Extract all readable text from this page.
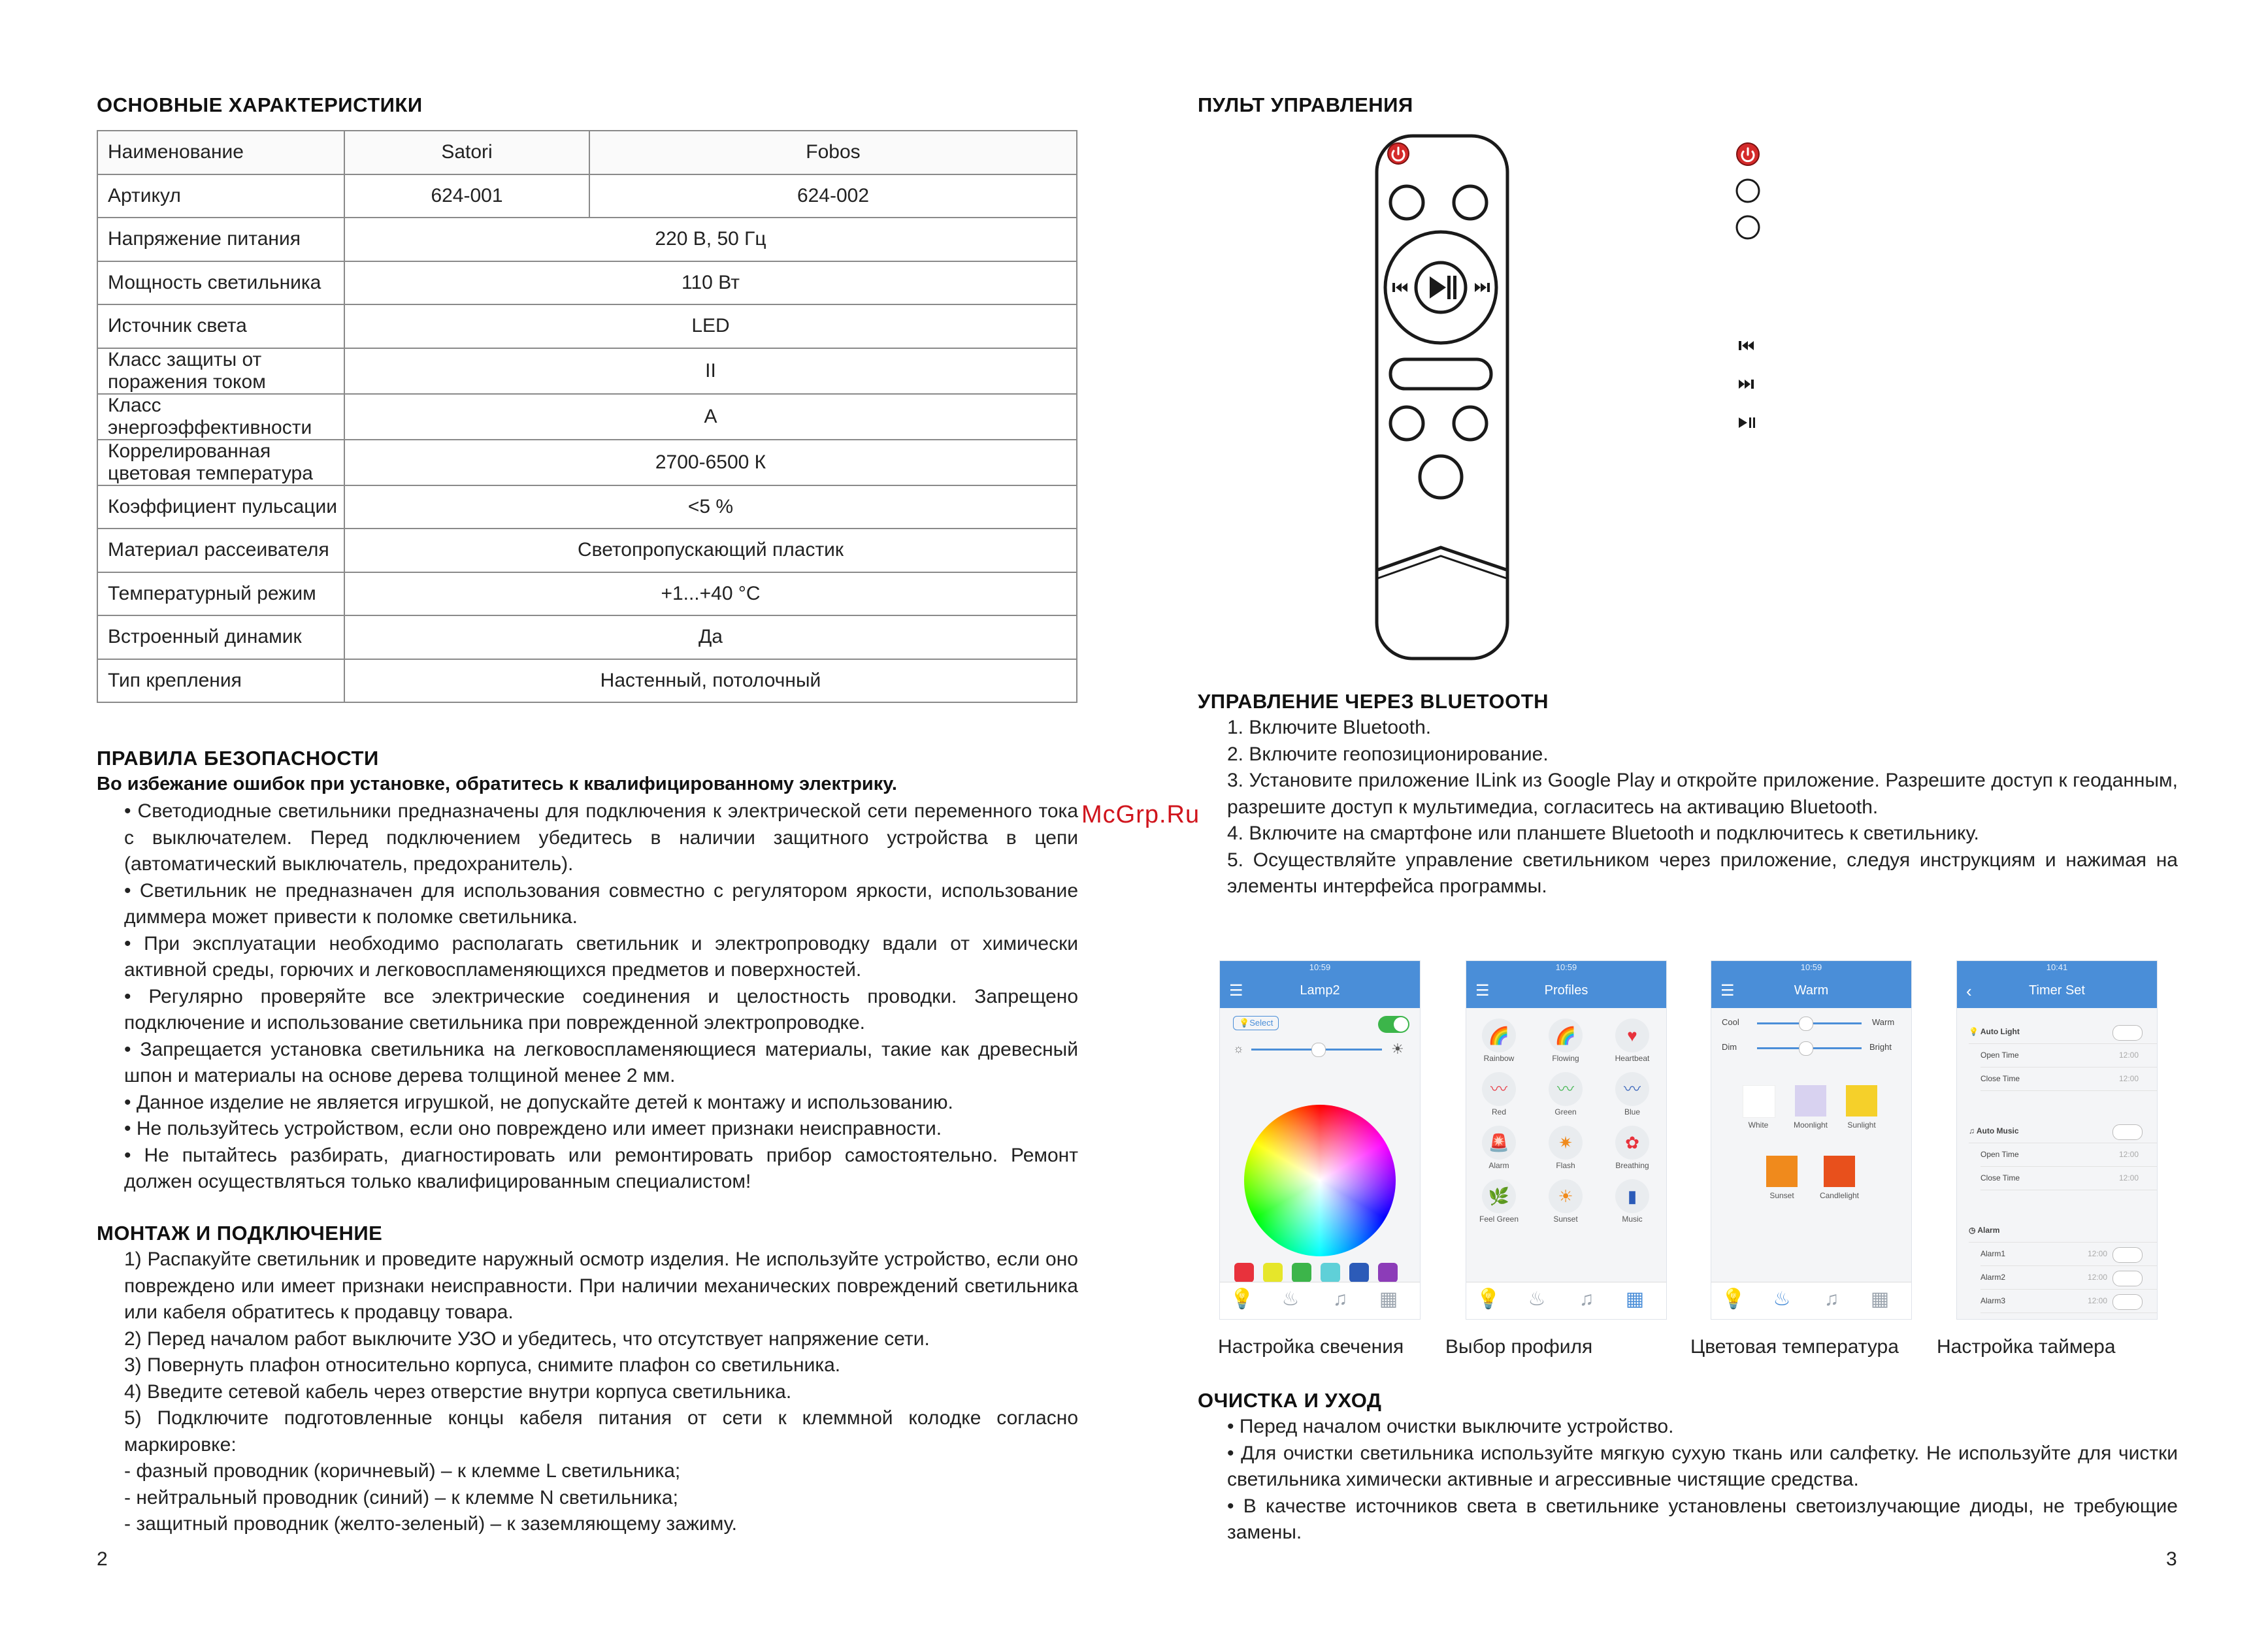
ОСНОВНЫЕ ХАРАКТЕРИСТИКИ
Наименование	Satori	Fobos
Артикул	624-001	624-002
Напряжение питания	220 В, 50 Гц	
Мощность светильника	110 Вт	
Источник света	LED	
Класс защиты от поражения током	II	
Класс энергоэффективности	A	
Коррелированная цветовая температура	2700-6500 К	
Коэффициент пульсации	<5 %	
Материал рассеивателя	Светопропускающий пластик	
Температурный режим	+1...+40 °C	
Встроенный динамик	Да	
Тип крепления	Настенный, потолочный	
ПРАВИЛА БЕЗОПАСНОСТИ
Во избежание ошибок при установке, обратитесь к квалифицированному электрику.
• Светодиодные светильники предназначены для подключения к электрической сети переменного тока с выключателем. Перед подключением убедитесь в наличии защитного устройства в цепи (автоматический выключатель, предохранитель).
• Светильник не предназначен для использования совместно с регулятором яркости, использование диммера может привести к поломке светильника.
• При эксплуатации необходимо располагать светильник и электропроводку вдали от химически активной среды, горючих и легковоспламеняющихся предметов и поверхностей.
• Регулярно проверяйте все электрические соединения и целостность проводки. Запрещено подключение и использование светильника при поврежденной электропроводке.
• Запрещается установка светильника на легковоспламеняющиеся материалы, такие как древесный шпон и материалы на основе дерева толщиной менее 2 мм.
• Данное изделие не является игрушкой, не допускайте детей к монтажу и использованию.
• Не пользуйтесь устройством, если оно повреждено или имеет признаки неисправности.
• Не пытайтесь разбирать, диагностировать или ремонтировать прибор самостоятельно. Ремонт должен осуществляться только квалифицированным специалистом!
МОНТАЖ И ПОДКЛЮЧЕНИЕ
1) Распакуйте светильник и проведите наружный осмотр изделия. Не используйте устройство, если оно повреждено или имеет признаки неисправности. При наличии механических повреждений светильника или кабеля обратитесь к продавцу товара.
2) Перед началом работ выключите УЗО и убедитесь, что отсутствует напряжение сети.
3) Повернуть плафон относительно корпуса, снимите плафон со светильника.
4) Введите сетевой кабель через отверстие внутри корпуса светильника.
5) Подключите подготовленные концы кабеля питания от сети к клеммной колодке согласно маркировке:
- фазный проводник (коричневый) – к клемме L светильника;
- нейтральный проводник (синий) – к клемме N светильника;
- защитный проводник (желто-зеленый) – к заземляющему зажиму.
2
McGrp.Ru
ПУЛЬТ УПРАВЛЕНИЯ
УПРАВЛЕНИЕ ЧЕРЕЗ BLUETOOTH
1. Включите Bluetooth.
2. Включите геопозиционирование.
3. Установите приложение ILink из Google Play и откройте приложение. Разрешите доступ к геоданным, разрешите доступ к мультимедиа, согласитесь на активацию Bluetooth.
4. Включите на смартфоне или планшете Bluetooth и подключитесь к светильнику.
5. Осуществляйте управление светильником через приложение, следуя инструкциям и нажимая на элементы интерфейса программы.
10:59
☰	Lamp2
💡Select
☼	☀
💡 ♨ ♫ ▦
10:59
☰	Profiles
🌈	🌈	♥
Rainbow	Flowing	Heartbeat
〰	〰	〰
Red	Green	Blue
🚨	✷	✿
Alarm	Flash	Breathing
🌿	☀	▮
Feel Green	Sunset	Music
💡 ♨ ♫ ▦
10:59
☰	Warm
Cool	Warm
Dim	Bright
White	Moonlight	Sunlight
Sunset	Candlelight
💡 ♨ ♫ ▦
10:41
‹	Timer Set
💡 Auto Light
Open Time	12:00
Close Time	12:00
♫ Auto Music
Open Time	12:00
Close Time	12:00
◷ Alarm
Alarm1	12:00
Alarm2	12:00
Alarm3	12:00
Настройка свечения Выбор профиля	Цветовая температура Настройка таймера
ОЧИСТКА И УХОД
• Перед началом очистки выключите устройство.
• Для очистки светильника используйте мягкую сухую ткань или салфетку. Не используйте для чистки светильника химически активные и агрессивные чистящие средства.
• В качестве источников света в светильнике установлены светоизлучающие диоды, не требующие замены.
3
